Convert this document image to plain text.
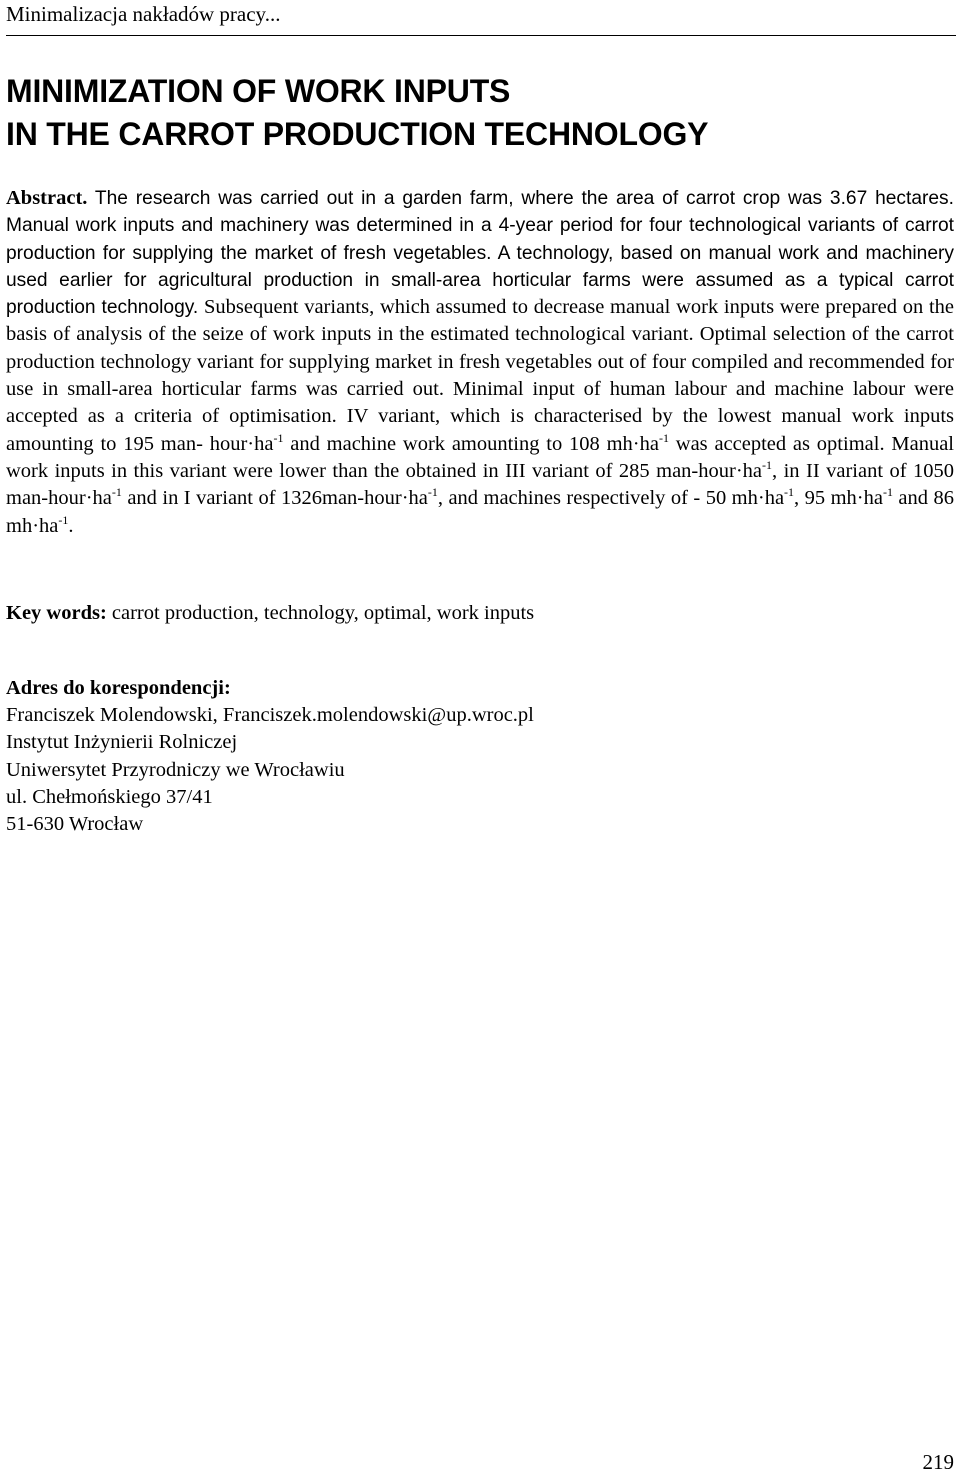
Minimalizacja nakładów pracy...
MINIMIZATION OF WORK INPUTS
IN THE CARROT PRODUCTION TECHNOLOGY

Abstract. The research was carried out in a garden farm, where the area of carrot crop was 3.67 hectares. Manual work inputs and machinery was determined in a 4-year period for four technological variants of carrot production for supplying the market of fresh vegetables. A technology, based on manual work and machinery used earlier for agricultural production in small-area horticular farms were assumed as a typical carrot production technology. Subsequent variants, which assumed to decrease manual work inputs were prepared on the basis of analysis of the seize of work inputs in the estimated technological variant. Optimal selection of the carrot production technology variant for supplying market in fresh vegetables out of four compiled and recommended for use in small-area horticular farms was carried out. Minimal input of human labour and machine labour were accepted as a criteria of optimisation. IV variant, which is characterised by the lowest manual work inputs amounting to 195 man- $hour\cdot ha^{-1}$ and machine work amounting to 108 $mh\cdot ha^{-1}$ was accepted as optimal. Manual work inputs in this variant were lower than the obtained in III variant of 285 man-$hour\cdot ha^{-1}$, in II variant of 1050 man-$hour\cdot ha^{-1}$ and in I variant of $1326man-hour\cdot ha^{-1}$, and machines respectively of - 50 $mh\cdot ha^{-1}$, 95 $mh\cdot ha^{-1}$ and 86 $mh\cdot ha^{-1}$.

Key words: carrot production, technology, optimal, work inputs

Adres do korespondencji:
Franciszek Molendowski, Franciszek.molendowski@up.wroc.pl
Instytut Inżynierii Rolniczej
Uniwersytet Przyrodniczy we Wrocławiu
ul. Chełmońskiego 37/41
51-630 Wrocław
219
